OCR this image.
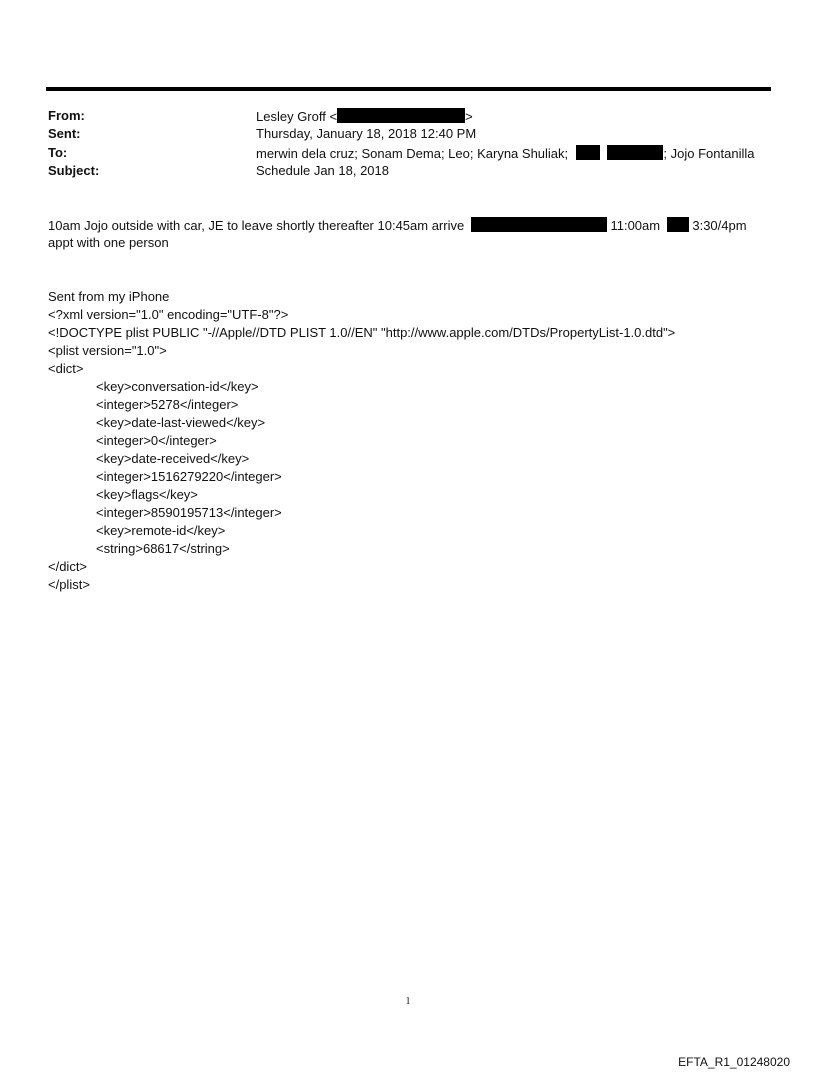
From:	Lesley Groff <	>
Sent:	Thursday, January 18, 2018 12:40 PM
To:	merwin dela cruz; Sonam Dema; Leo; Karyna Shuliak;	; Jojo Fontanilla
Subject:	Schedule Jan 18, 2018
10am Jojo outside with car, JE to leave shortly thereafter 10:45am arrive	11:00am 3:30/4pm
appt with one person
Sent from my iPhone
<?xml version="1.0" encoding="UTF-8"?>
<!DOCTYPE plist PUBLIC "-//Apple//DTD PLIST 1.0//EN" "http://www.apple.com/DTDs/PropertyList-1.0.dtd">
<plist version="1.0">
<dict>
<key>conversation-id</key>
<integer>5278</integer>
<key>date-last-viewed</key>
<integer>0</integer>
<key>date-received</key>
<integer>1516279220</integer>
<key>flags</key>
<integer>8590195713</integer>
<key>remote-id</key>
<string>68617</string>
</dict>
</plist>
1
EFTA_R1_01248020
